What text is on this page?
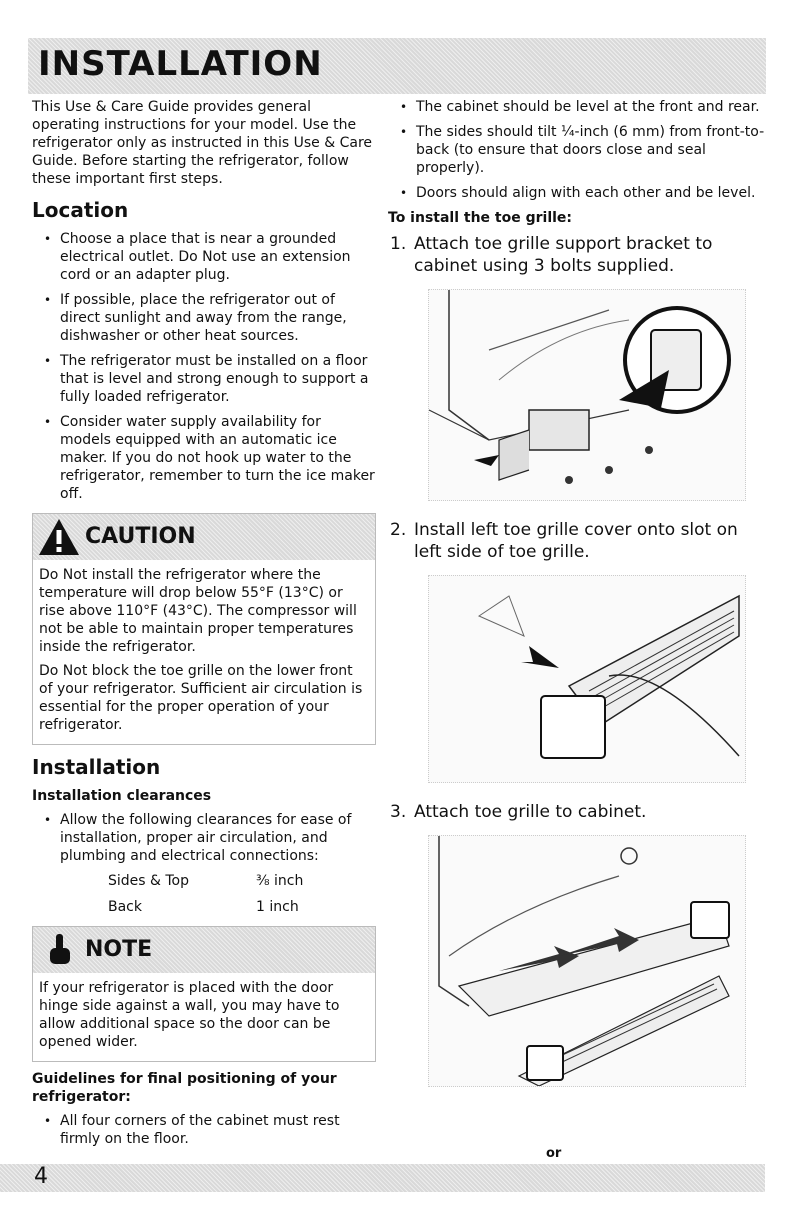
INSTALLATION

This Use & Care Guide provides general operating instructions for your model. Use the refrigerator only as instructed in this Use & Care Guide. Before starting the refrigerator, follow these important first steps.

Location
• Choose a place that is near a grounded electrical outlet. Do Not use an extension cord or an adapter plug.
• If possible, place the refrigerator out of direct sunlight and away from the range, dishwasher or other heat sources.
• The refrigerator must be installed on a floor that is level and strong enough to support a fully loaded refrigerator.
• Consider water supply availability for models equipped with an automatic ice maker. If you do not hook up water to the refrigerator, remember to turn the ice maker off.
CAUTION

Do Not install the refrigerator where the temperature will drop below 55°F (13°C) or rise above 110°F (43°C). The compressor will not be able to maintain proper temperatures inside the refrigerator.

Do Not block the toe grille on the lower front of your refrigerator. Sufficient air circulation is essential for the proper operation of your refrigerator.

Installation
Installation clearances
• Allow the following clearances for ease of installation, proper air circulation, and plumbing and electrical connections:
Sides & Top	⅜ inch
Back	1 inch
NOTE

If your refrigerator is placed with the door hinge side against a wall, you may have to allow additional space so the door can be opened wider.

Guidelines for final positioning of your refrigerator:
• All four corners of the cabinet must rest firmly on the floor.
• The cabinet should be level at the front and rear.
• The sides should tilt ¼-inch (6 mm) from front-to-back (to ensure that doors close and seal properly).
• Doors should align with each other and be level.
To install the toe grille:
1. Attach toe grille support bracket to cabinet using 3 bolts supplied.
2. Install left toe grille cover onto slot on left side of toe grille.
3. Attach toe grille to cabinet.
or
4
